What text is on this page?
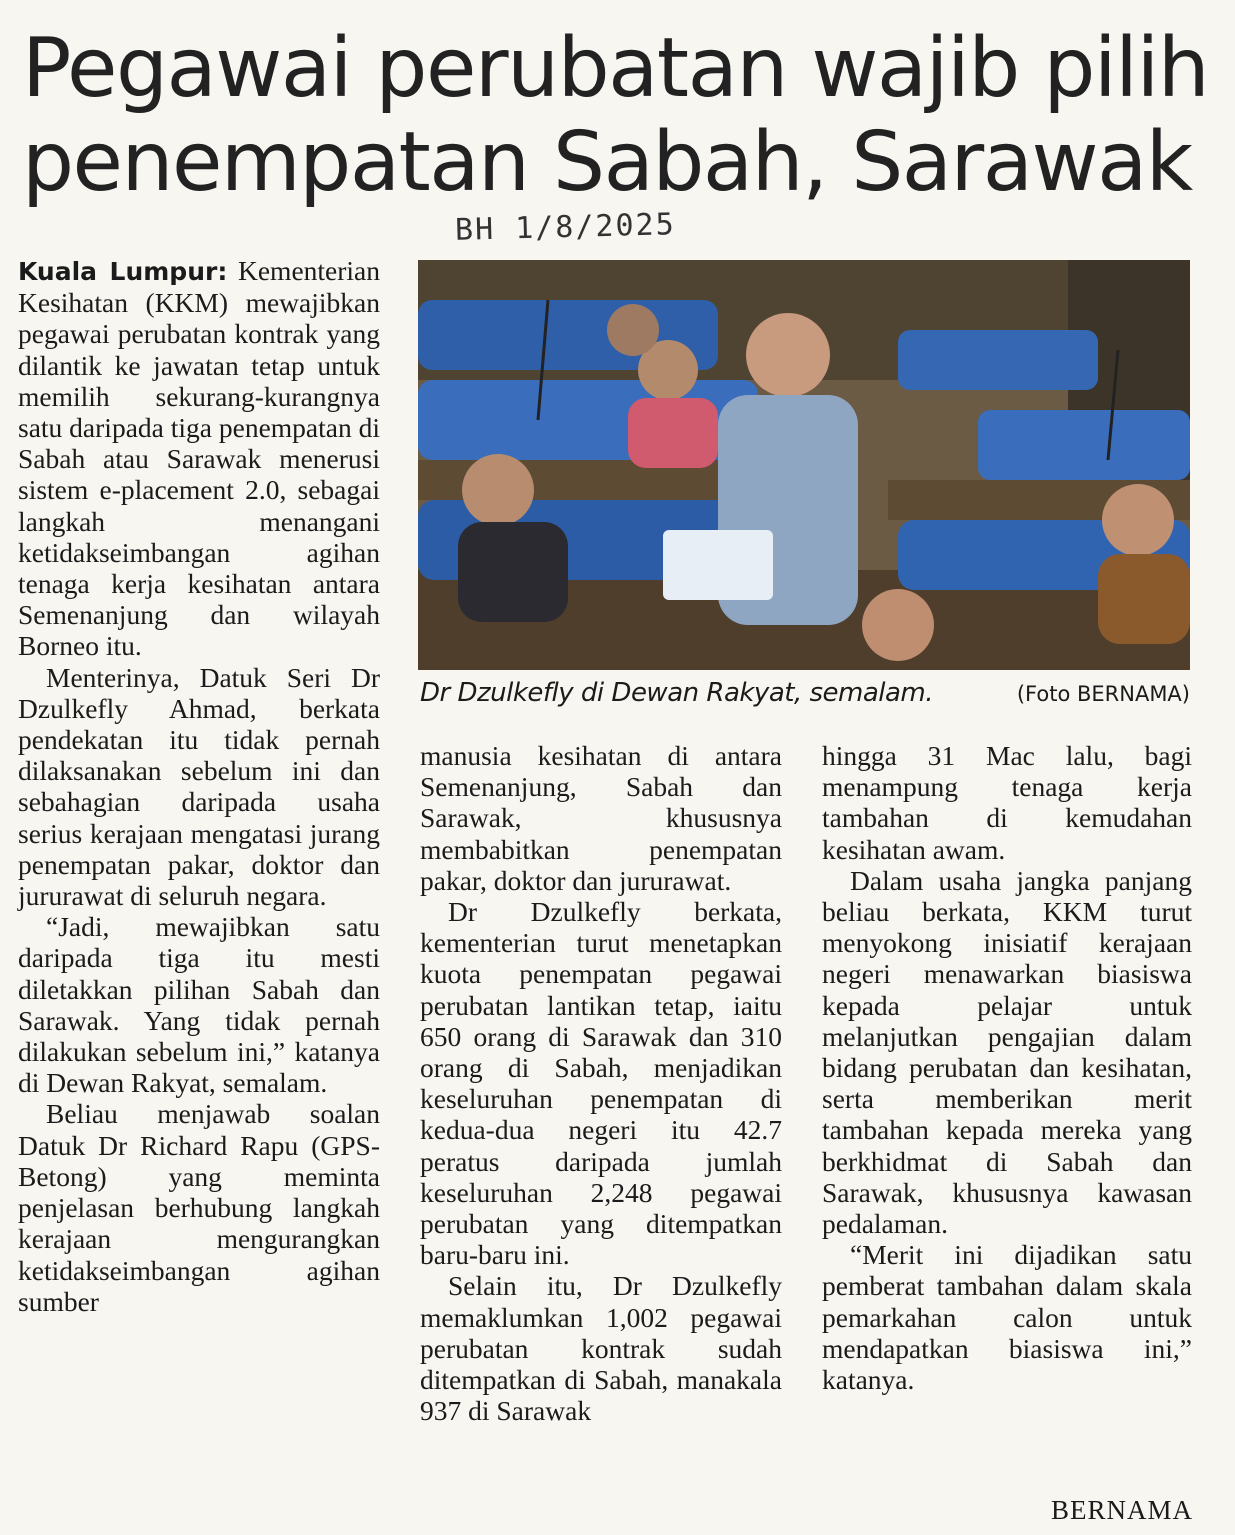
Pegawai perubatan wajib pilih
penempatan Sabah, Sarawak
BH 1/8/2025

Kuala Lumpur: Kementerian Kesihatan (KKM) mewajibkan pegawai perubatan kontrak yang dilantik ke jawatan tetap untuk memilih sekurang-kurangnya satu daripada tiga penempatan di Sabah atau Sarawak menerusi sistem e-placement 2.0, sebagai langkah menangani ketidakseimbangan agihan tenaga kerja kesihatan antara Semenanjung dan wilayah Borneo itu.

Menterinya, Datuk Seri Dr Dzulkefly Ahmad, berkata pendekatan itu tidak pernah dilaksanakan sebelum ini dan sebahagian daripada usaha serius kerajaan mengatasi jurang penempatan pakar, doktor dan jururawat di seluruh negara.

“Jadi, mewajibkan satu daripada tiga itu mesti diletakkan pilihan Sabah dan Sarawak. Yang tidak pernah dilakukan sebelum ini,” katanya di Dewan Rakyat, semalam.

Beliau menjawab soalan Datuk Dr Richard Rapu (GPS-Betong) yang meminta penjelasan berhubung langkah kerajaan mengurangkan ketidakseimbangan agihan sumber

Dr Dzulkefly di Dewan Rakyat, semalam.	(Foto BERNAMA)

manusia kesihatan di antara Semenanjung, Sabah dan Sarawak, khususnya membabitkan penempatan pakar, doktor dan jururawat.

Dr Dzulkefly berkata, kementerian turut menetapkan kuota penempatan pegawai perubatan lantikan tetap, iaitu 650 orang di Sarawak dan 310 orang di Sabah, menjadikan keseluruhan penempatan di kedua-dua negeri itu 42.7 peratus daripada jumlah keseluruhan 2,248 pegawai perubatan yang ditempatkan baru-baru ini.

Selain itu, Dr Dzulkefly memaklumkan 1,002 pegawai perubatan kontrak sudah ditempatkan di Sabah, manakala 937 di Sarawak

hingga 31 Mac lalu, bagi menampung tenaga kerja tambahan di kemudahan kesihatan awam.

Dalam usaha jangka panjang beliau berkata, KKM turut menyokong inisiatif kerajaan negeri menawarkan biasiswa kepada pelajar untuk melanjutkan pengajian dalam bidang perubatan dan kesihatan, serta memberikan merit tambahan kepada mereka yang berkhidmat di Sabah dan Sarawak, khususnya kawasan pedalaman.

“Merit ini dijadikan satu pemberat tambahan dalam skala pemarkahan calon untuk mendapatkan biasiswa ini,” katanya.

BERNAMA
